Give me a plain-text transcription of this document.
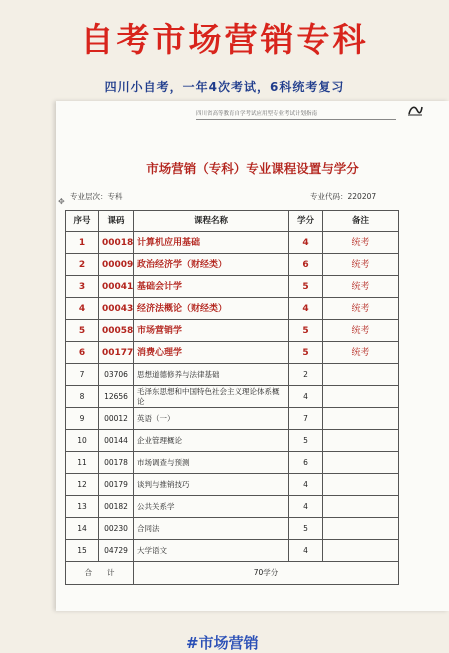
自考市场营销专科
四川小自考，一年4次考试，6科统考复习
四川省高等教育自学考试应用型专业考试计划指南
✥
市场营销（专科）专业课程设置与学分
专业层次：专科	专业代码：220207
序号	课码	课程名称	学分	备注
1	00018	计算机应用基础	4	统考
2	00009	政治经济学（财经类）	6	统考
3	00041	基础会计学	5	统考
4	00043	经济法概论（财经类）	4	统考
5	00058	市场营销学	5	统考
6	00177	消费心理学	5	统考
7	03706	思想道德修养与法律基础	2	
8	12656	毛泽东思想和中国特色社会主义理论体系概论	4	
9	00012	英语（一）	7	
10	00144	企业管理概论	5	
11	00178	市场调查与预测	6	
12	00179	谈判与推销技巧	4	
13	00182	公共关系学	4	
14	00230	合同法	5	
15	04729	大学语文	4	
合　　计		70学分		
#市场营销
